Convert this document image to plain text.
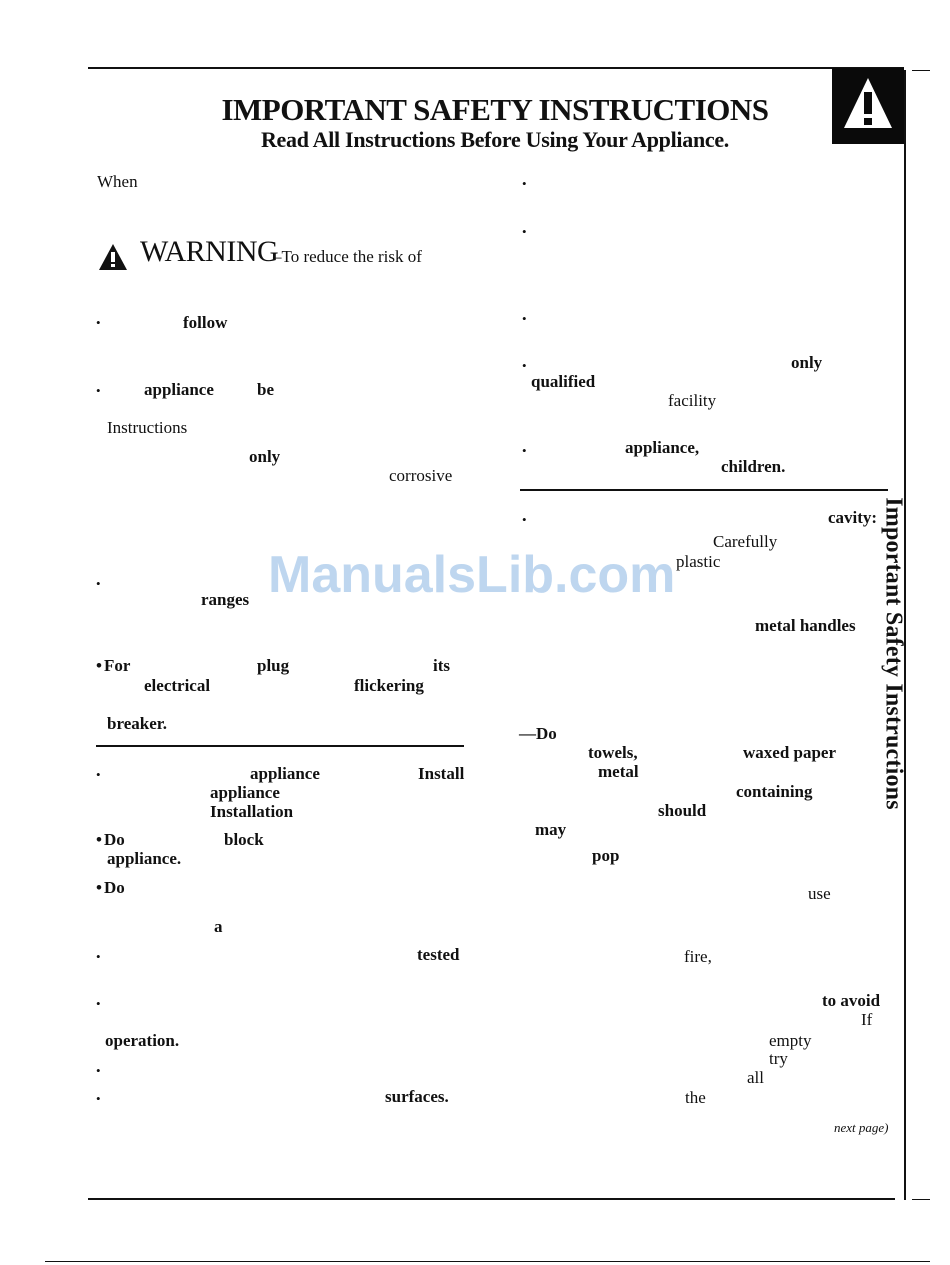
IMPORTANT SAFETY INSTRUCTIONS
Read All Instructions Before Using Your Appliance.
Important Safety Instructions
ManualsLib.com
When
WARNING
–To reduce the risk of
•	follow
•	appliance	be
Instructions
only
corrosive
•
ranges
• For	plug	its
electrical	flickering
breaker.
•	appliance	Install
appliance
Installation
• Do	block
appliance.
• Do
a
•	tested
•
operation.
•
•	surfaces.
•
•
•
•	only
qualified
facility
•	appliance,
children.
•	cavity:
Carefully
plastic
metal handles
—Do
towels,	waxed paper
metal
containing
should
may
pop
use
fire,
to avoid
If
empty
try
all
the
next page)
